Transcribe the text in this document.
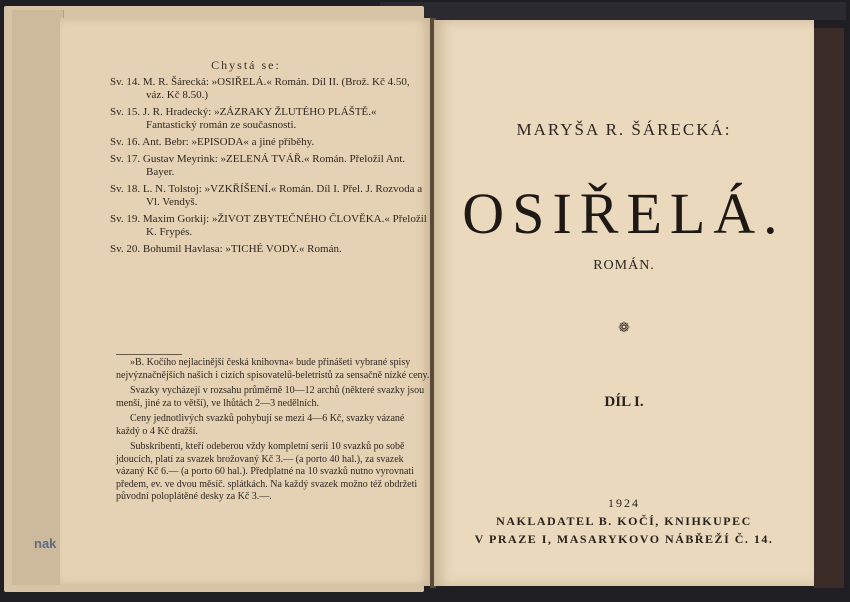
nak
Chystá se:
Sv. 14. M. R. Šárecká: »OSIŘELÁ.« Román. Díl II. (Brož. Kč 4.50, váz. Kč 8.50.)
Sv. 15. J. R. Hradecký: »ZÁZRAKY ŽLUTÉHO PLÁŠTĚ.« Fantastický román ze současnosti.
Sv. 16. Ant. Bebr: »EPISODA« a jiné příběhy.
Sv. 17. Gustav Meyrink: »ZELENÁ TVÁŘ.« Román. Přeložil Ant. Bayer.
Sv. 18. L. N. Tolstoj: »VZKŘÍŠENÍ.« Román. Díl I. Přel. J. Rozvoda a Vl. Vendyš.
Sv. 19. Maxim Gorkij: »ŽIVOT ZBYTEČNÉHO ČLOVĚKA.« Přeložil K. Frypés.
Sv. 20. Bohumil Havlasa: »TICHÉ VODY.« Román.

»B. Kočího nejlacinější česká knihovna« bude přinášeti vybrané spisy nejvýznačnějších našich i cizích spisovatelů-beletristů za sensačně nízké ceny.

Svazky vycházejí v rozsahu průměrně 10—12 archů (některé svazky jsou menší, jiné za to větší), ve lhůtách 2—3 nedělních.

Ceny jednotlivých svazků pohybují se mezi 4—6 Kč, svazky vázané každý o 4 Kč dražší.

Subskribenti, kteří odeberou vždy kompletní serii 10 svazků po sobě jdoucích, platí za svazek brožovaný Kč 3.— (a porto 40 hal.), za svazek vázaný Kč 6.— (a porto 60 hal.). Předplatné na 10 svazků nutno vyrovnati předem, ev. ve dvou měsíč. splátkách. Na každý svazek možno též obdržeti původní poloplátěné desky za Kč 3.—.

MARYŠA R. ŠÁRECKÁ:
OSIŘELÁ.
ROMÁN.
❁
DÍL I.
1924
NAKLADATEL B. KOČÍ, KNIHKUPEC
V PRAZE I, MASARYKOVO NÁBŘEŽÍ Č. 14.
